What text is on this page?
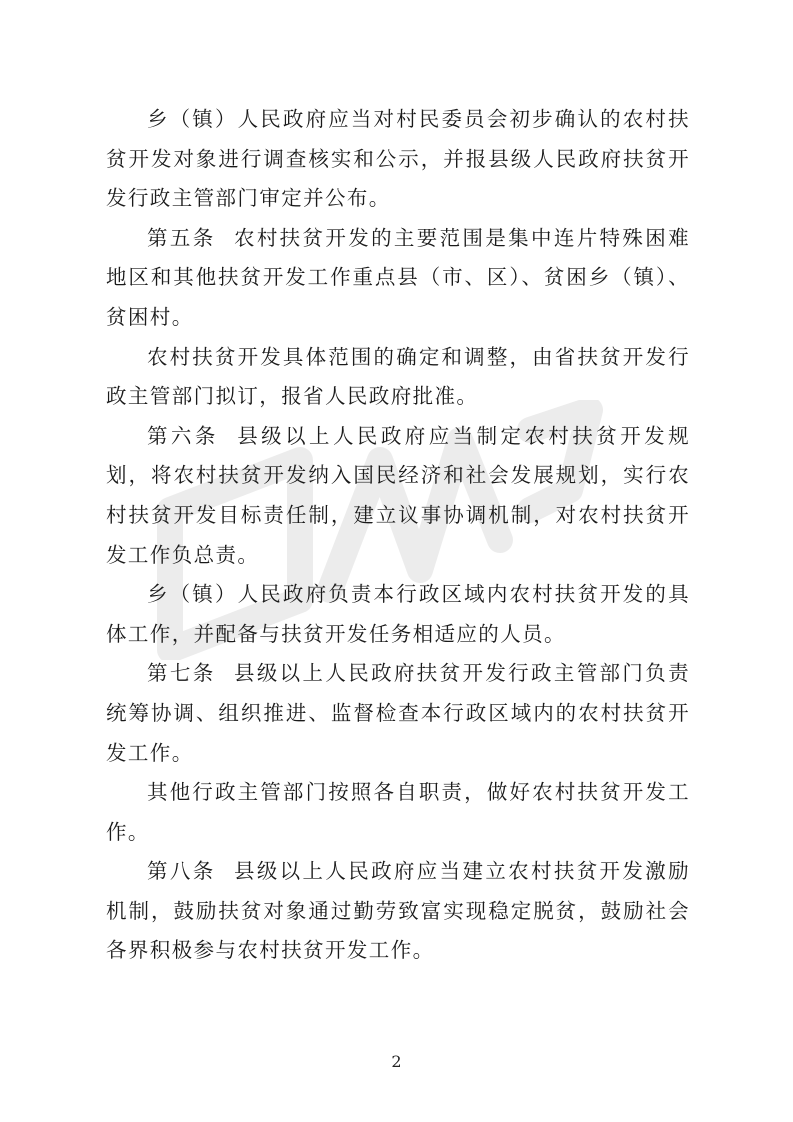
乡（镇）人民政府应当对村民委员会初步确认的农村扶贫开发对象进行调查核实和公示，并报县级人民政府扶贫开发行政主管部门审定并公布。

第五条 农村扶贫开发的主要范围是集中连片特殊困难地区和其他扶贫开发工作重点县（市、区）、贫困乡（镇）、贫困村。

农村扶贫开发具体范围的确定和调整，由省扶贫开发行政主管部门拟订，报省人民政府批准。

第六条 县级以上人民政府应当制定农村扶贫开发规划，将农村扶贫开发纳入国民经济和社会发展规划，实行农村扶贫开发目标责任制，建立议事协调机制，对农村扶贫开发工作负总责。

乡（镇）人民政府负责本行政区域内农村扶贫开发的具体工作，并配备与扶贫开发任务相适应的人员。

第七条 县级以上人民政府扶贫开发行政主管部门负责统筹协调、组织推进、监督检查本行政区域内的农村扶贫开发工作。

其他行政主管部门按照各自职责，做好农村扶贫开发工作。

第八条 县级以上人民政府应当建立农村扶贫开发激励机制，鼓励扶贫对象通过勤劳致富实现稳定脱贫，鼓励社会各界积极参与农村扶贫开发工作。

2
